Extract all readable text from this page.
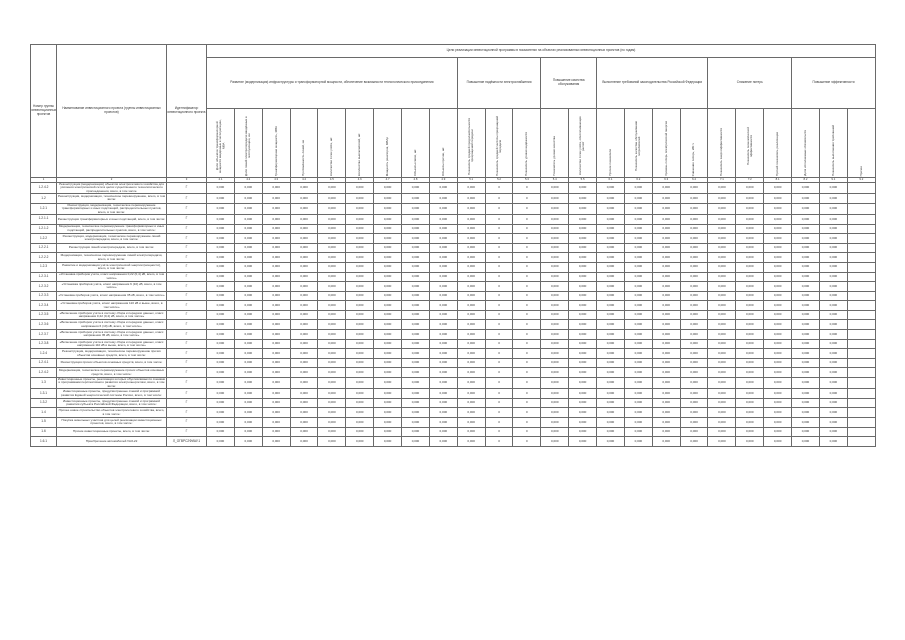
Номер группы инвестиционных проектов	Наименование инвестиционного проекта (группы инвестиционных проектов)	Идентификатор инвестиционного проекта	Цели реализации инвестиционной программы в показателях на объектах реализованных инвестиционных проектов (по годам)																							
			Развитие (модернизация) инфраструктуры и трансформаторной мощности, обеспечение возможности технологического присоединения									Повышение надёжности электроснабжения			Повышение качества обслуживания		Выполнение требований законодательства Российской Федерации				Снижение потерь			Повышение эффективности		

			Доля объектов трансформаторной мощности введённых в эксплуатацию, МВА	Доля линий электропередачи введённых в эксплуатацию, км	Трансформаторная мощность, МВА	Протяжённость линий, км	Количество точек учёта, шт.	Количество выключателей, шт.	Мощность реакторов, МВАр	Объекты связи, шт.	Объекты прочие, шт.	Показатель средней продолжительности прекращений передачи	Показатель средней частоты прекращений передачи	Показатель уровня надёжности	Показатель уровня качества	Количество точек учёта, обеспечивающих расчёт	Прочие показатели	Показатель качества обслуживания потребителей	Уровень потерь электрической энергии	Снижение потерь, кВт·ч	Показатель энергоэффективности	Показатель экономической эффективности	Прочий показатель реализации	Доля исполненных обязательств	Показатель выполнения требований	Прочее

1	2	3	4.1	4.2	4.3	4.4	4.5	4.6	4.7	4.8	4.9	5.1	5.2	5.3	5.4	5.5	6.1	6.2	6.3	6.4	7.1	7.2	8.1	8.2	9.1	9.2
1.2.4.2	Реконструкция (модернизация) объектов электросетевого хозяйства для усиления электрической сети в целях существенного технологического присоединения, всего, в том числе	Г	0,000	0,000	0,000	0,000	0,000	0,000	0,000	0,000	0,000	0,000	0	0	0,000	0,000	0,000	0,000	0,000	0,000	0,000	0,000	0,000	0,000	0,000	
1.2	Реконструкция, модернизация, техническое перевооружение, всего, в том числе:	Г	0,000	0,000	0,000	0,000	0,000	0,000	0,000	0,000	0,000	0,000	0	0	0,000	0,000	0,000	0,000	0,000	0,000	0,000	0,000	0,000	0,000	0,000	
1.2.1	Реконструкция, модернизация, техническое перевооружение трансформаторных и иных подстанций, распределительных пунктов, всего, в том числе:	Г	0,000	0,000	0,000	0,000	0,000	0,000	0,000	0,000	0,000	0,000	0	0	0,000	0,000	0,000	0,000	0,000	0,000	0,000	0,000	0,000	0,000	0,000	
1.2.1.1	Реконструкция трансформаторных и иных подстанций, всего, в том числе:	Г	0,000	0,000	0,000	0,000	0,000	0,000	0,000	0,000	0,000	0,000	0	0	0,000	0,000	0,000	0,000	0,000	0,000	0,000	0,000	0,000	0,000	0,000	
1.2.1.2	Модернизация, техническое перевооружение трансформаторных и иных подстанций, распределительных пунктов, всего, в том числе:	Г	0,000	0,000	0,000	0,000	0,000	0,000	0,000	0,000	0,000	0,000	0	0	0,000	0,000	0,000	0,000	0,000	0,000	0,000	0,000	0,000	0,000	0,000	
1.2.2	Реконструкция, модернизация, техническое перевооружение линий электропередачи, всего, в том числе:	Г	0,000	0,000	0,000	0,000	0,000	0,000	0,000	0,000	0,000	0,000	0	0	0,000	0,000	0,000	0,000	0,000	0,000	0,000	0,000	0,000	0,000	0,000	
1.2.2.1	Реконструкция линий электропередачи, всего, в том числе:	Г	0,000	0,000	0,000	0,000	0,000	0,000	0,000	0,000	0,000	0,000	0	0	0,000	0,000	0,000	0,000	0,000	0,000	0,000	0,000	0,000	0,000	0,000	
1.2.2.2	Модернизация, техническое перевооружение линий электропередачи, всего, в том числе:	Г	0,000	0,000	0,000	0,000	0,000	0,000	0,000	0,000	0,000	0,000	0	0	0,000	0,000	0,000	0,000	0,000	0,000	0,000	0,000	0,000	0,000	0,000	
1.2.3	Развитие и модернизация учёта электрической энергии (мощности), всего, в том числе:	Г	0,000	0,000	0,000	0,000	0,000	0,000	0,000	0,000	0,000	0,000	0	0	0,000	0,000	0,000	0,000	0,000	0,000	0,000	0,000	0,000	0,000	0,000	
1.2.3.1	«Установка приборов учёта, класс напряжения 0,22 (0,4) кВ, всего, в том числе»	Г	0,000	0,000	0,000	0,000	0,000	0,000	0,000	0,000	0,000	0,000	0	0	0,000	0,000	0,000	0,000	0,000	0,000	0,000	0,000	0,000	0,000	0,000	
1.2.3.2	«Установка приборов учёта, класс напряжения 6 (10) кВ, всего, в том числе»	Г	0,000	0,000	0,000	0,000	0,000	0,000	0,000	0,000	0,000	0,000	0	0	0,000	0,000	0,000	0,000	0,000	0,000	0,000	0,000	0,000	0,000	0,000	
1.2.3.3	«Установка приборов учёта, класс напряжения 35 кВ, всего, в том числе»	Г	0,000	0,000	0,000	0,000	0,000	0,000	0,000	0,000	0,000	0,000	0	0	0,000	0,000	0,000	0,000	0,000	0,000	0,000	0,000	0,000	0,000	0,000	
1.2.3.4	«Установка приборов учёта, класс напряжения 110 кВ и выше, всего, в том числе»	Г	0,000	0,000	0,000	0,000	0,000	0,000	0,000	0,000	0,000	0,000	0	0	0,000	0,000	0,000	0,000	0,000	0,000	0,000	0,000	0,000	0,000	0,000	
1.2.3.5	«Включение приборов учёта в систему сбора и передачи данных, класс напряжения 0,22 (0,4) кВ, всего, в том числе»	Г	0,000	0,000	0,000	0,000	0,000	0,000	0,000	0,000	0,000	0,000	0	0	0,000	0,000	0,000	0,000	0,000	0,000	0,000	0,000	0,000	0,000	0,000	
1.2.3.6	«Включение приборов учёта в систему сбора и передачи данных, класс напряжения 6 (10) кВ, всего, в том числе»	Г	0,000	0,000	0,000	0,000	0,000	0,000	0,000	0,000	0,000	0,000	0	0	0,000	0,000	0,000	0,000	0,000	0,000	0,000	0,000	0,000	0,000	0,000	
1.2.3.7	«Включение приборов учёта в систему сбора и передачи данных, класс напряжения 35 кВ, всего, в том числе»	Г	0,000	0,000	0,000	0,000	0,000	0,000	0,000	0,000	0,000	0,000	0	0	0,000	0,000	0,000	0,000	0,000	0,000	0,000	0,000	0,000	0,000	0,000	
1.2.3.8	«Включение приборов учёта в систему сбора и передачи данных, класс напряжения 110 кВ и выше, всего, в том числе»	Г	0,000	0,000	0,000	0,000	0,000	0,000	0,000	0,000	0,000	0,000	0	0	0,000	0,000	0,000	0,000	0,000	0,000	0,000	0,000	0,000	0,000	0,000	
1.2.4	Реконструкция, модернизация, техническое перевооружение прочих объектов основных средств, всего, в том числе:	Г	0,000	0,000	0,000	0,000	0,000	0,000	0,000	0,000	0,000	0,000	0	0	0,000	0,000	0,000	0,000	0,000	0,000	0,000	0,000	0,000	0,000	0,000	
1.2.4.1	Реконструкция прочих объектов основных средств, всего, в том числе:	Г	0,000	0,000	0,000	0,000	0,000	0,000	0,000	0,000	0,000	0,000	0	0	0,000	0,000	0,000	0,000	0,000	0,000	0,000	0,000	0,000	0,000	0,000	
1.2.4.2	Модернизация, техническое перевооружение прочих объектов основных средств, всего, в том числе:	Г	0,000	0,000	0,000	0,000	0,000	0,000	0,000	0,000	0,000	0,000	0	0	0,000	0,000	0,000	0,000	0,000	0,000	0,000	0,000	0,000	0,000	0,000	
1.3	Инвестиционные проекты, реализация которых обусловливается схемами и программами перспективного развития электроэнергетики, всего, в том числе:	Г	0,000	0,000	0,000	0,000	0,000	0,000	0,000	0,000	0,000	0,000	0	0	0,000	0,000	0,000	0,000	0,000	0,000	0,000	0,000	0,000	0,000	0,000	
1.3.1	Инвестиционные проекты, предусмотренные схемой и программой развития Единой энергетической системы России, всего, в том числе:	Г	0,000	0,000	0,000	0,000	0,000	0,000	0,000	0,000	0,000	0,000	0	0	0,000	0,000	0,000	0,000	0,000	0,000	0,000	0,000	0,000	0,000	0,000	
1.3.2	Инвестиционные проекты, предусмотренные схемой и программой развития субъекта Российской Федерации, всего, в том числе:	Г	0,000	0,000	0,000	0,000	0,000	0,000	0,000	0,000	0,000	0,000	0	0	0,000	0,000	0,000	0,000	0,000	0,000	0,000	0,000	0,000	0,000	0,000	
1.4	Прочее новое строительство объектов электросетевого хозяйства, всего, в том числе:	Г	0,000	0,000	0,000	0,000	0,000	0,000	0,000	0,000	0,000	0,000	0	0	0,000	0,000	0,000	0,000	0,000	0,000	0,000	0,000	0,000	0,000	0,000	
1.5	Покупка земельных участков для целей реализации инвестиционных проектов, всего, в том числе:	Г	0,000	0,000	0,000	0,000	0,000	0,000	0,000	0,000	0,000	0,000	0	0	0,000	0,000	0,000	0,000	0,000	0,000	0,000	0,000	0,000	0,000	0,000	
1.6	Прочие инвестиционные проекты, всего, в том числе:	Г	0,000	0,000	0,000	0,000	0,000	0,000	0,000	0,000	0,000	0,000	0	0	0,000	0,000	0,000	0,000	0,000	0,000	0,000	0,000	0,000	0,000	0,000	
1.6.1	Приобретение автомобилей УАЗ-22	Л_ОГВРС2ФИАУ.1	0,000	0,000	0,000	0,000	0,000	0,000	0,000	0,000	0,000	0,000	0	0	0,000	0,000	0,000	0,000	0,000	0,000	0,000	0,000	0,000	0,000	0,000	
